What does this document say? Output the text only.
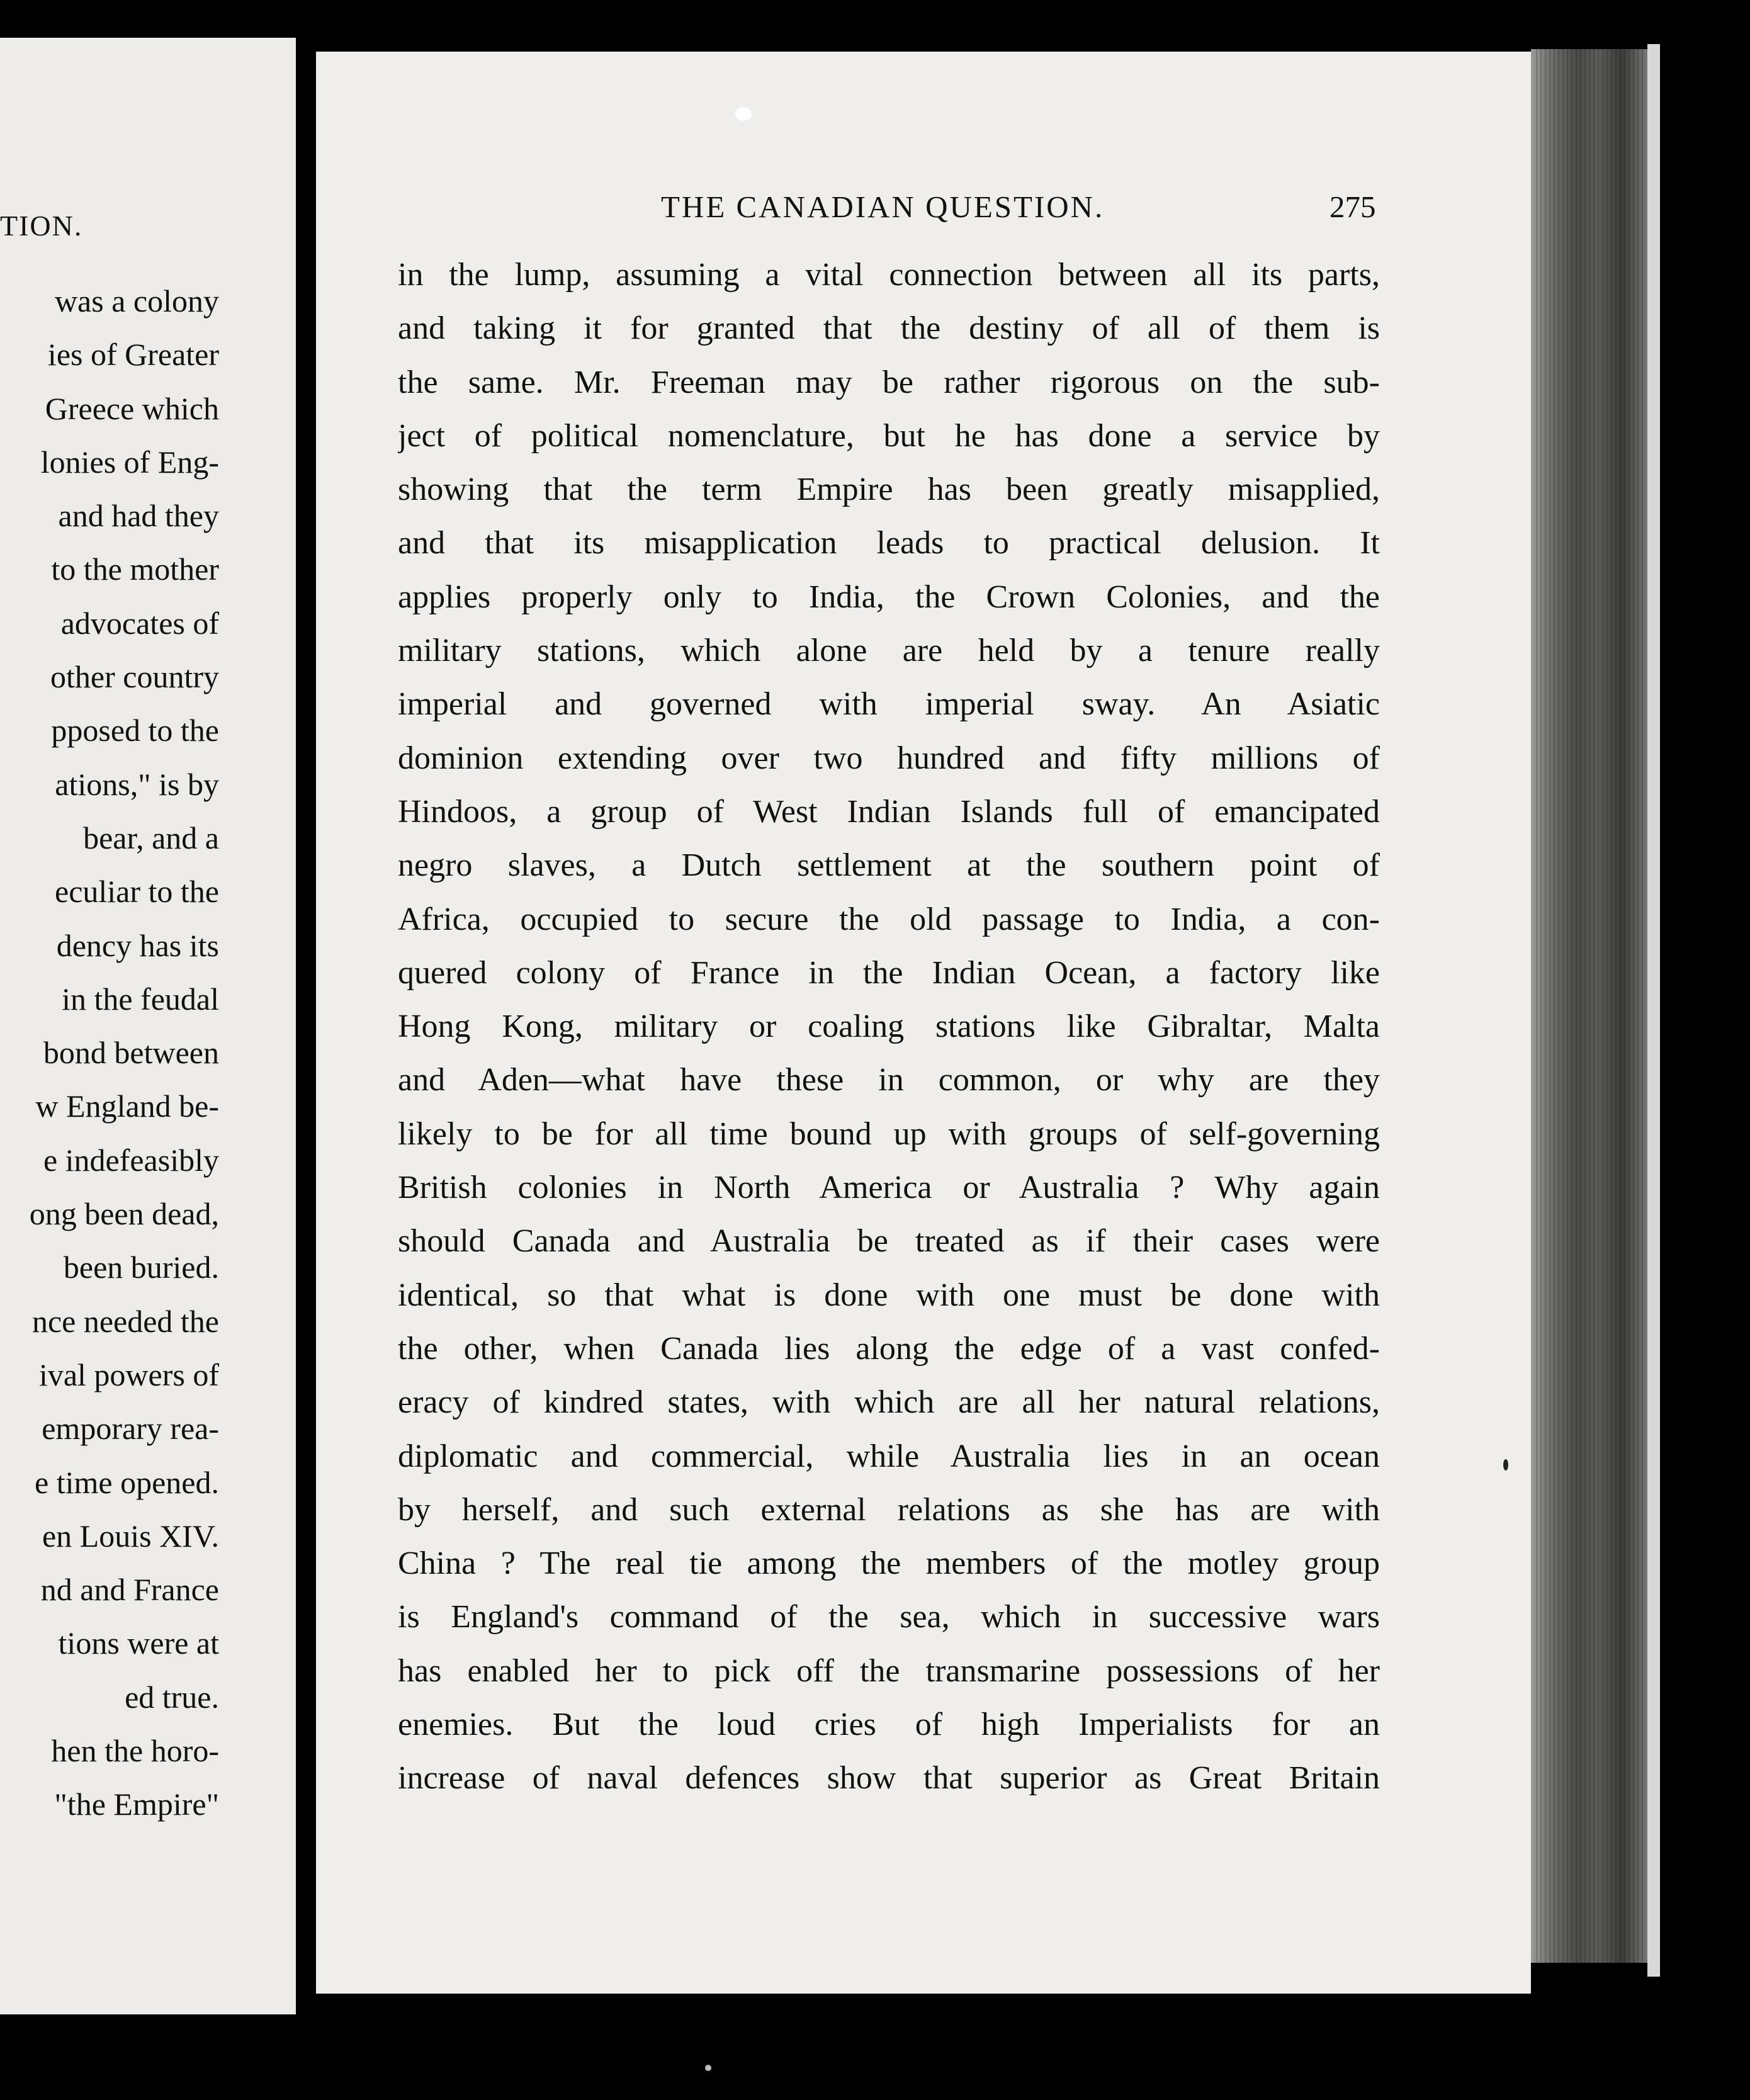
TION.
was a colony
ies of Greater
Greece which
lonies of Eng-
and had they
to the mother
advocates of
other country
pposed to the
ations," is by
bear, and a
eculiar to the
dency has its
in the feudal
bond between
w England be-
e indefeasibly
ong been dead,
been buried.
nce needed the
ival powers of
emporary rea-
e time opened.
en Louis XIV.
nd and France
tions were at
ed true.
hen the horo-
"the Empire"
THE CANADIAN QUESTION.	275
in the lump, assuming a vital connection between all its parts,
and taking it for granted that the destiny of all of them is
the same. Mr. Freeman may be rather rigorous on the sub-
ject of political nomenclature, but he has done a service by
showing that the term Empire has been greatly misapplied,
and that its misapplication leads to practical delusion. It
applies properly only to India, the Crown Colonies, and the
military stations, which alone are held by a tenure really
imperial and governed with imperial sway. An Asiatic
dominion extending over two hundred and fifty millions of
Hindoos, a group of West Indian Islands full of emancipated
negro slaves, a Dutch settlement at the southern point of
Africa, occupied to secure the old passage to India, a con-
quered colony of France in the Indian Ocean, a factory like
Hong Kong, military or coaling stations like Gibraltar, Malta
and Aden—what have these in common, or why are they
likely to be for all time bound up with groups of self-governing
British colonies in North America or Australia ? Why again
should Canada and Australia be treated as if their cases were
identical, so that what is done with one must be done with
the other, when Canada lies along the edge of a vast confed-
eracy of kindred states, with which are all her natural relations,
diplomatic and commercial, while Australia lies in an ocean
by herself, and such external relations as she has are with
China ? The real tie among the members of the motley group
is England's command of the sea, which in successive wars
has enabled her to pick off the transmarine possessions of her
enemies. But the loud cries of high Imperialists for an
increase of naval defences show that superior as Great Britain
